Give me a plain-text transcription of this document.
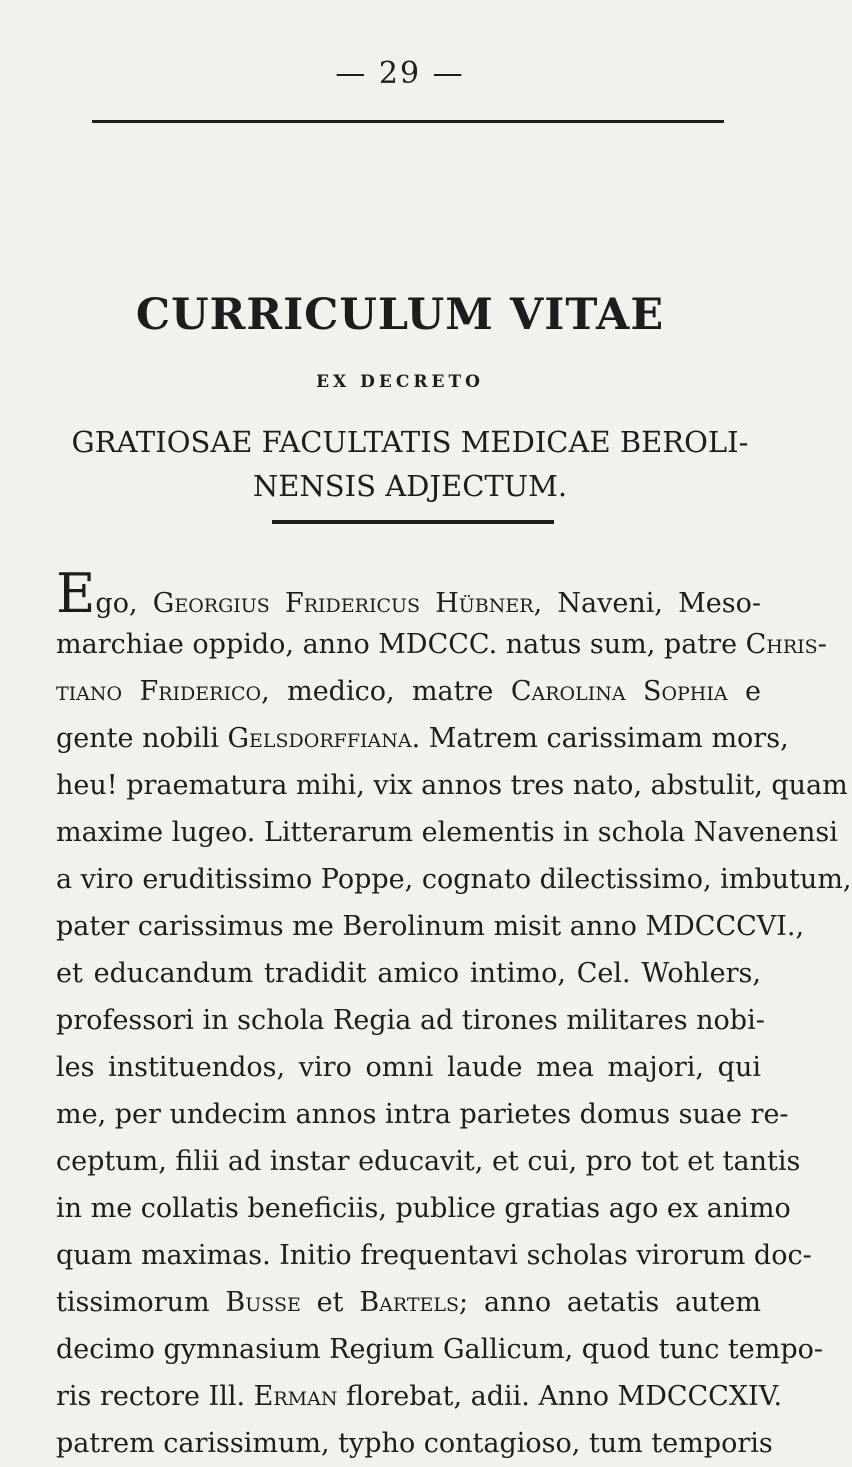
— 29 —
CURRICULUM VITAE
EX DECRETO
GRATIOSAE FACULTATIS MEDICAE BEROLI-
NENSIS ADJECTUM.
Ego, Georgius Fridericus Hübner, Naveni, Meso-
marchiae oppido, anno MDCCC. natus sum, patre Chris-
tiano Friderico, medico, matre Carolina Sophia e
gente nobili Gelsdorffiana. Matrem carissimam mors,
heu! praematura mihi, vix annos tres nato, abstulit, quam
maxime lugeo. Litterarum elementis in schola Navenensi
a viro eruditissimo Poppe, cognato dilectissimo, imbutum,
pater carissimus me Berolinum misit anno MDCCCVI.,
et educandum tradidit amico intimo, Cel. Wohlers,
professori in schola Regia ad tirones militares nobi-
les instituendos, viro omni laude mea majori, qui
me, per undecim annos intra parietes domus suae re-
ceptum, filii ad instar educavit, et cui, pro tot et tantis
in me collatis beneficiis, publice gratias ago ex animo
quam maximas. Initio frequentavi scholas virorum doc-
tissimorum Busse et Bartels; anno aetatis autem
decimo gymnasium Regium Gallicum, quod tunc tempo-
ris rectore Ill. Erman florebat, adii. Anno MDCCCXIV.
patrem carissimum, typho contagioso, tum temporis
